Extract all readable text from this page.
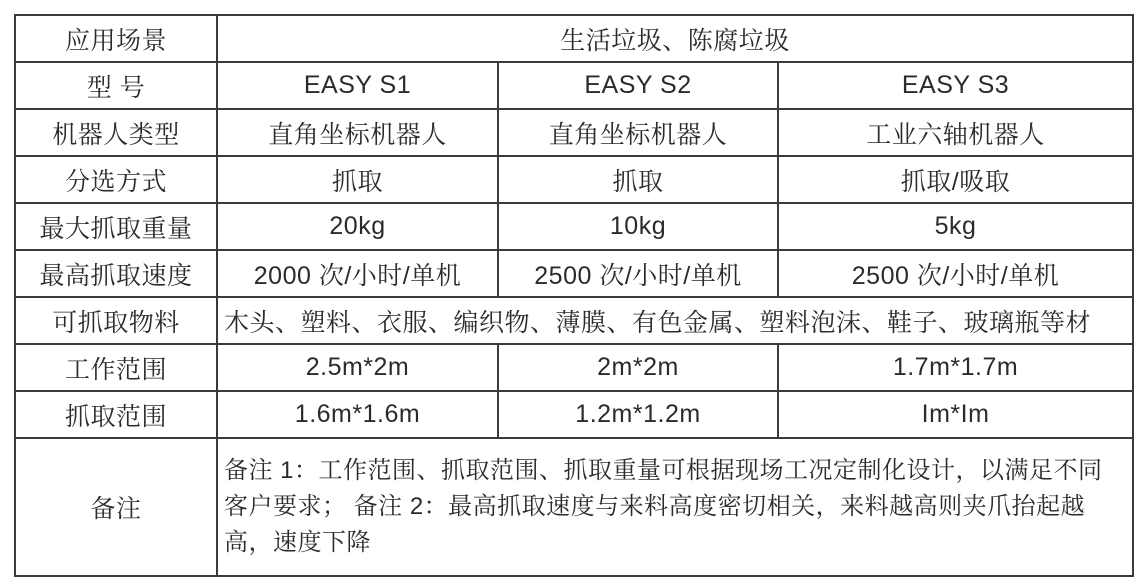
应用场景	生活垃圾、陈腐垃圾		
型 号	EASY S1	EASY S2	EASY S3
机器人类型	直角坐标机器人	直角坐标机器人	工业六轴机器人
分选方式	抓取	抓取	抓取/吸取
最大抓取重量	20kg	10kg	5kg
最高抓取速度	2000 次/小时/单机	2500 次/小时/单机	2500 次/小时/单机
可抓取物料	木头、塑料、衣服、编织物、薄膜、有色金属、塑料泡沫、鞋子、玻璃瓶等材		
工作范围	2.5m*2m	2m*2m	1.7m*1.7m
抓取范围	1.6m*1.6m	1.2m*1.2m	Im*Im
备注	备注 1：工作范围、抓取范围、抓取重量可根据现场工况定制化设计，以满足不同客户要求； 备注 2：最高抓取速度与来料高度密切相关，来料越高则夹爪抬起越高，速度下降		
